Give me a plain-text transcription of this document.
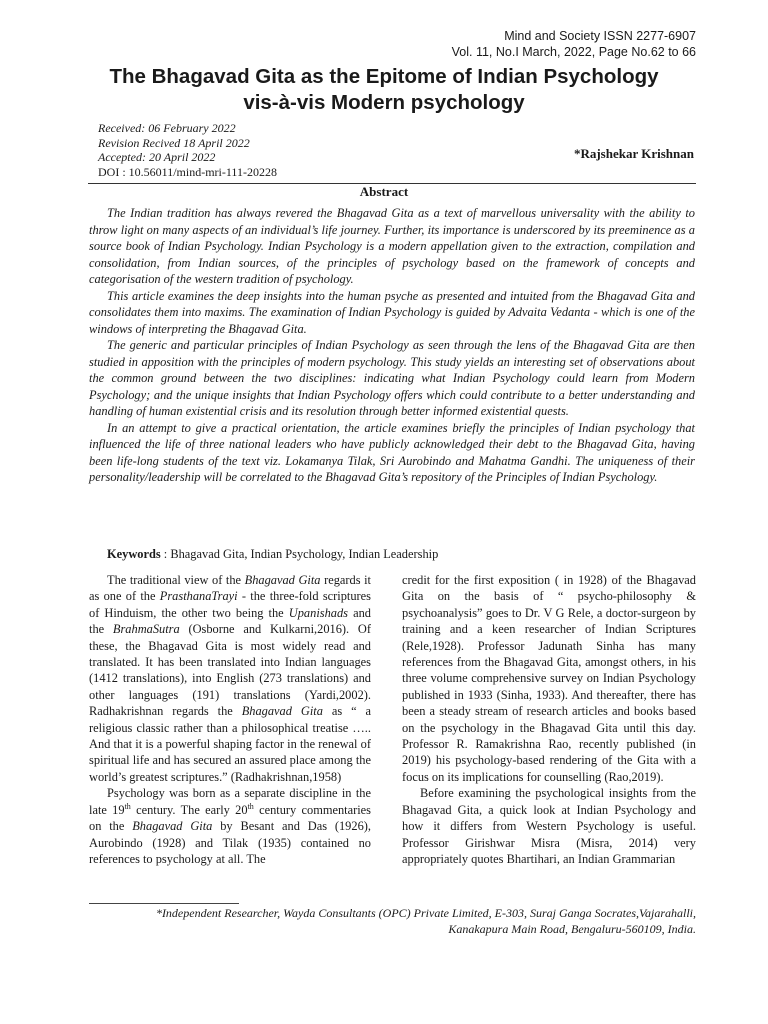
Mind and Society ISSN 2277-6907
Vol. 11, No.I March, 2022, Page No.62 to 66
The Bhagavad Gita as the Epitome of Indian Psychology
vis-à-vis Modern psychology
Received: 06 February 2022
Revision Recived 18 April 2022
Accepted: 20 April 2022
DOI : 10.56011/mind-mri-111-20228
*Rajshekar Krishnan
Abstract

The Indian tradition has always revered the Bhagavad Gita as a text of marvellous universality with the ability to throw light on many aspects of an individual’s life journey. Further, its importance is underscored by its preeminence as a source book of Indian Psychology. Indian Psychology is a modern appellation given to the extraction, compilation and consolidation, from Indian sources, of the principles of psychology based on the framework of concepts and categorisation of the western tradition of psychology.

This article examines the deep insights into the human psyche as presented and intuited from the Bhagavad Gita and consolidates them into maxims. The examination of Indian Psychology is guided by Advaita Vedanta - which is one of the windows of interpreting the Bhagavad Gita.

The generic and particular principles of Indian Psychology as seen through the lens of the Bhagavad Gita are then studied in apposition with the principles of modern psychology. This study yields an interesting set of observations about the common ground between the two disciplines: indicating what Indian Psychology could learn from Modern Psychology; and the unique insights that Indian Psychology offers which could contribute to a better understanding and handling of human existential crisis and its resolution through better informed existential quests.

In an attempt to give a practical orientation, the article examines briefly the principles of Indian psychology that influenced the life of three national leaders who have publicly acknowledged their debt to the Bhagavad Gita, having been life-long students of the text viz. Lokamanya Tilak, Sri Aurobindo and Mahatma Gandhi. The uniqueness of their personality/leadership will be correlated to the Bhagavad Gita’s repository of the Principles of Indian Psychology.

Keywords : Bhagavad Gita, Indian Psychology, Indian Leadership

The traditional view of the Bhagavad Gita regards it as one of the PrasthanaTrayi - the three-fold scriptures of Hinduism, the other two being the Upanishads and the BrahmaSutra (Osborne and Kulkarni,2016). Of these, the Bhagavad Gita is most widely read and translated. It has been translated into Indian languages (1412 translations), into English (273 translations) and other languages (191) translations (Yardi,2002). Radhakrishnan regards the Bhagavad Gita as “ a religious classic rather than a philosophical treatise ….. And that it is a powerful shaping factor in the renewal of spiritual life and has secured an assured place among the world’s greatest scriptures.” (Radhakrishnan,1958)

Psychology was born as a separate discipline in the late 19th century. The early 20th century commentaries on the Bhagavad Gita by Besant and Das (1926), Aurobindo (1928) and Tilak (1935) contained no references to psychology at all. The

credit for the first exposition ( in 1928) of the Bhagavad Gita on the basis of “ psycho-philosophy & psychoanalysis” goes to Dr. V G Rele, a doctor-surgeon by training and a keen researcher of Indian Scriptures (Rele,1928). Professor Jadunath Sinha has many references from the Bhagavad Gita, amongst others, in his three volume comprehensive survey on Indian Psychology published in 1933 (Sinha, 1933). And thereafter, there has been a steady stream of research articles and books based on the psychology in the Bhagavad Gita until this day. Professor R. Ramakrishna Rao, recently published (in 2019) his psychology-based rendering of the Gita with a focus on its implications for counselling (Rao,2019).

Before examining the psychological insights from the Bhagavad Gita, a quick look at Indian Psychology and how it differs from Western Psychology is useful. Professor Girishwar Misra (Misra, 2014) very appropriately quotes Bhartihari, an Indian Grammarian

*Independent Researcher, Wayda Consultants (OPC) Private Limited, E-303, Suraj Ganga Socrates,Vajarahalli,
Kanakapura Main Road, Bengaluru-560109, India.
